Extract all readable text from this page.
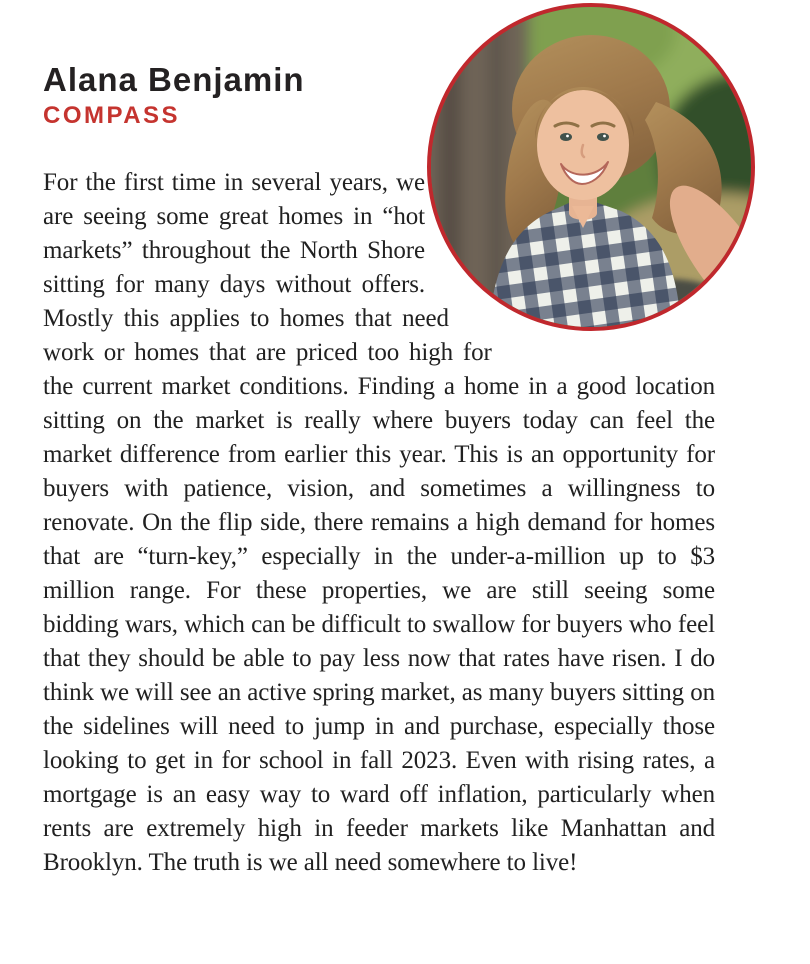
Alana Benjamin
COMPASS

For the first time in several years, we are seeing some great homes in “hot markets” throughout the North Shore sitting for many days without offers. Mostly this applies to homes that need work or homes that are priced too high for the current market conditions. Finding a home in a good location sitting on the market is really where buyers today can feel the market difference from earlier this year. This is an opportunity for buyers with patience, vision, and sometimes a willingness to renovate. On the flip side, there remains a high demand for homes that are “turn-key,” especially in the under-a-million up to $3 million range. For these properties, we are still seeing some bidding wars, which can be difficult to swallow for buyers who feel that they should be able to pay less now that rates have risen. I do think we will see an active spring market, as many buyers sitting on the sidelines will need to jump in and purchase, especially those looking to get in for school in fall 2023. Even with rising rates, a mortgage is an easy way to ward off inflation, particularly when rents are extremely high in feeder markets like Manhattan and Brooklyn. The truth is we all need somewhere to live!
